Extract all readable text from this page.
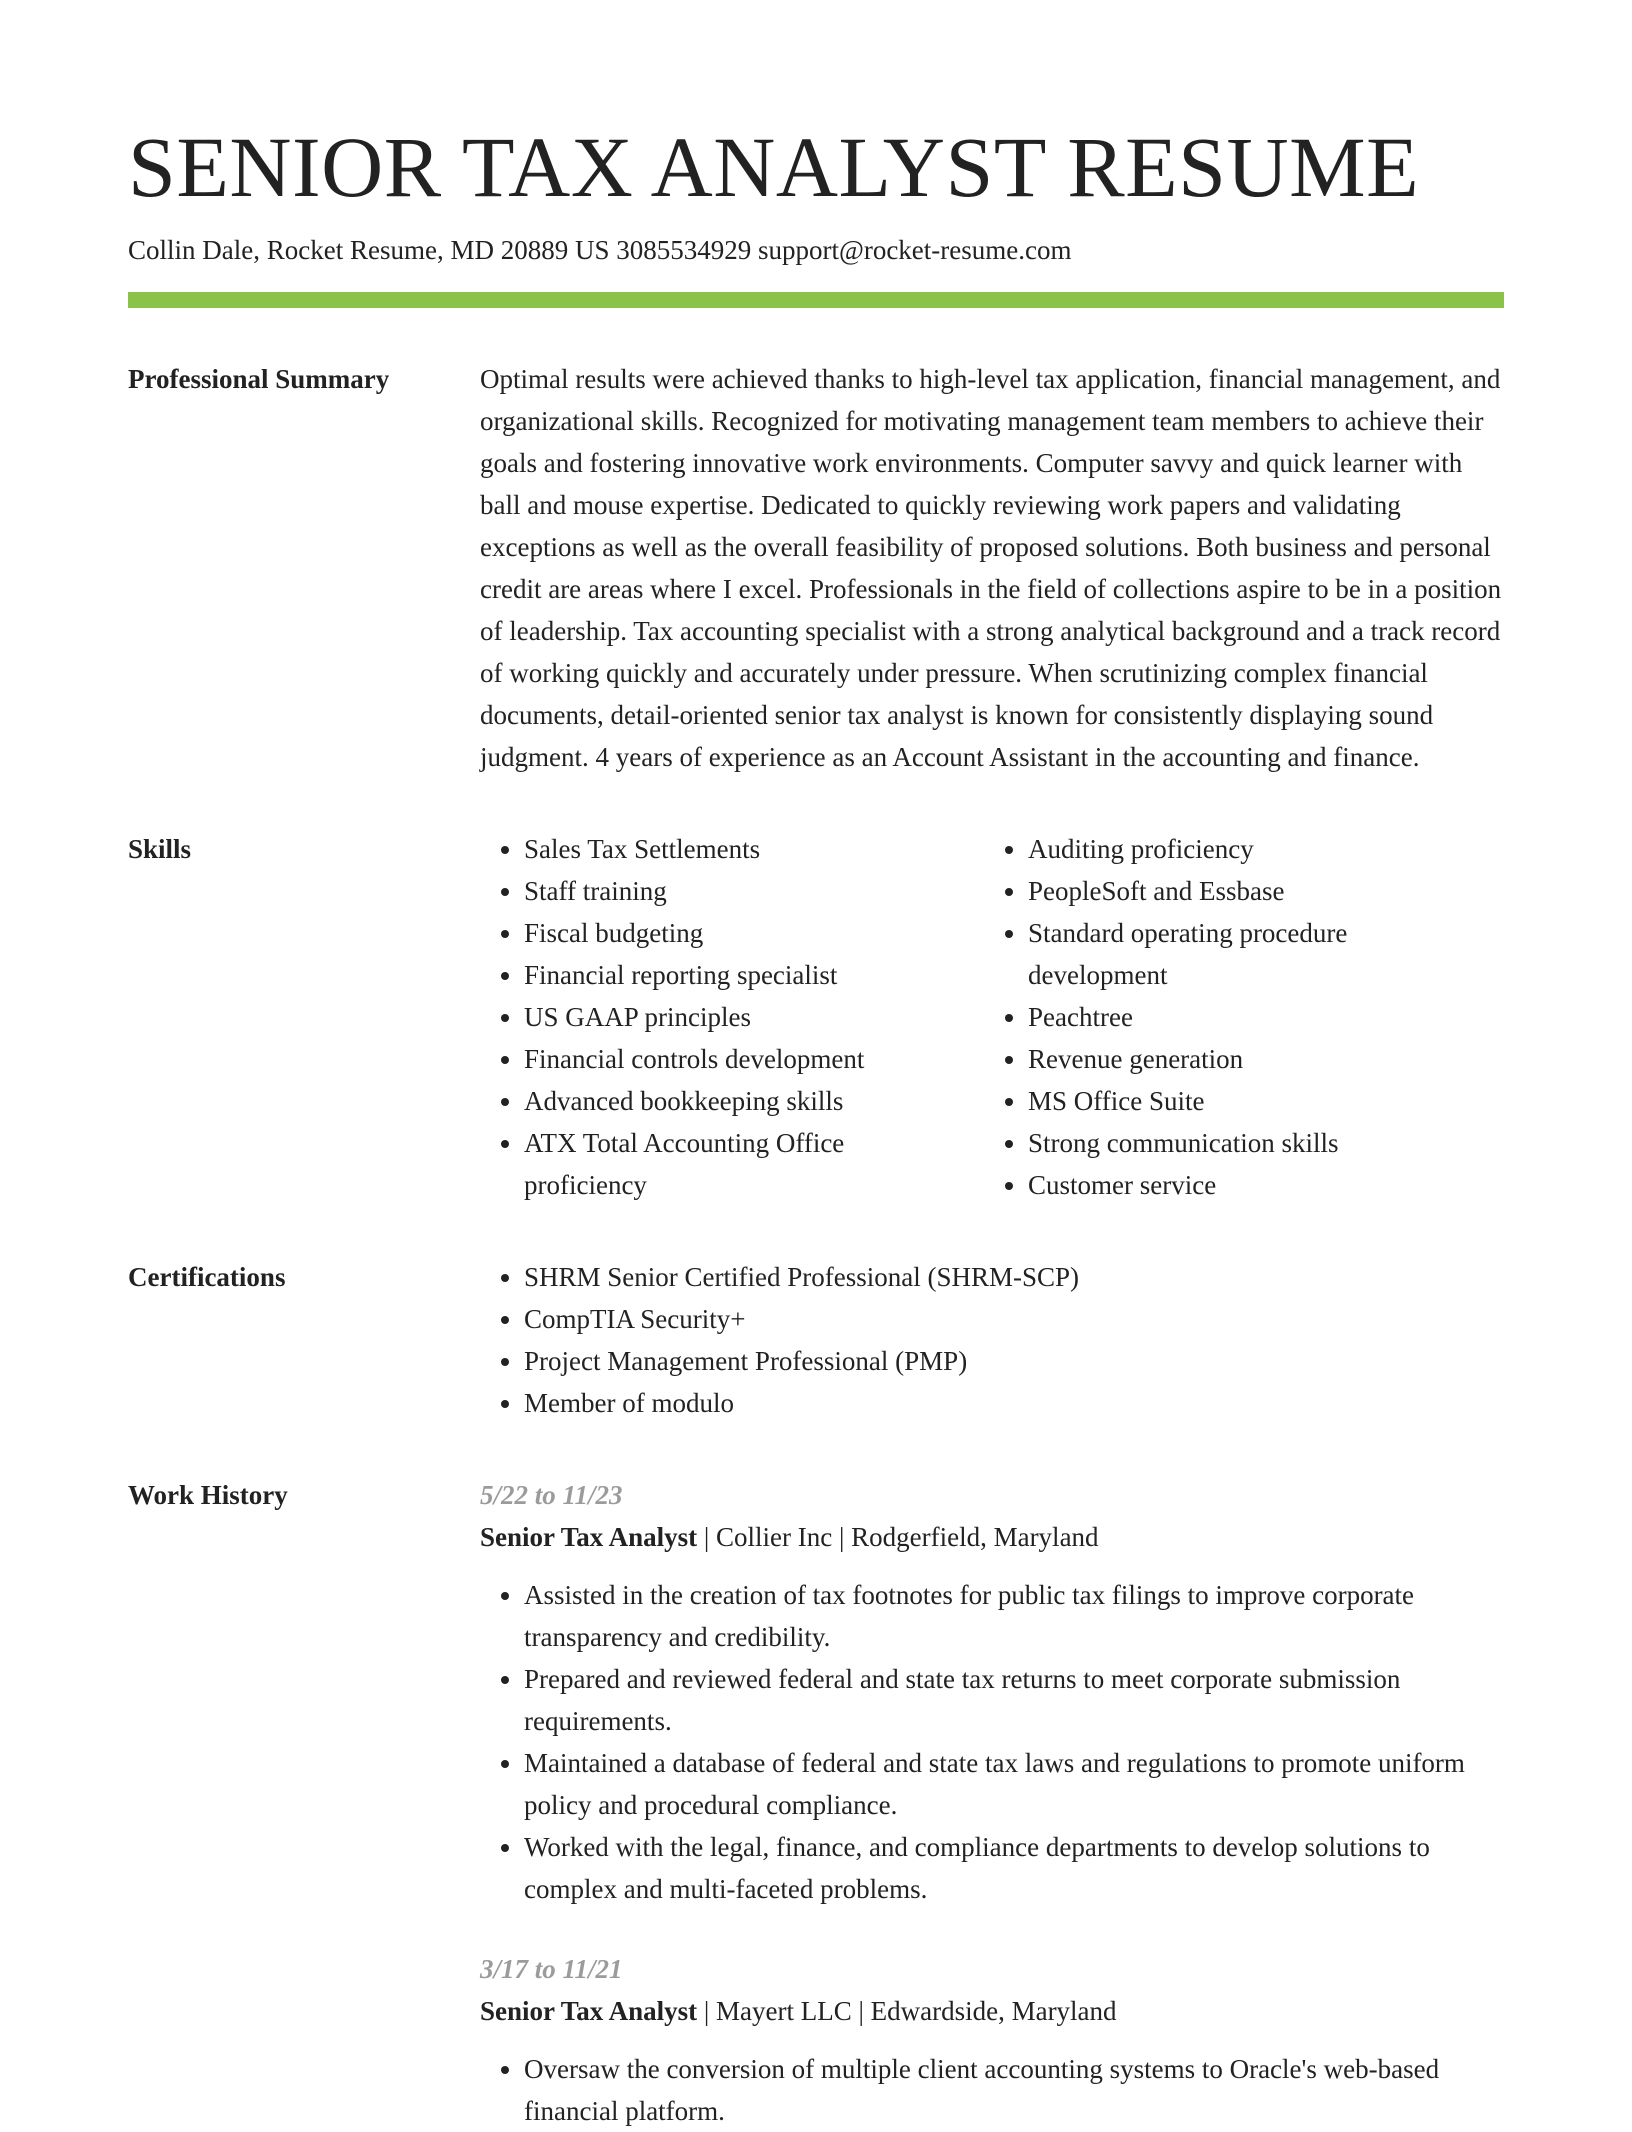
SENIOR TAX ANALYST RESUME
Collin Dale, Rocket Resume, MD 20889 US 3085534929 support@rocket-resume.com
Professional Summary	Optimal results were achieved thanks to high-level tax application, financial management, and organizational skills. Recognized for motivating management team members to achieve their goals and fostering innovative work environments. Computer savvy and quick learner with ball and mouse expertise. Dedicated to quickly reviewing work papers and validating exceptions as well as the overall feasibility of proposed solutions. Both business and personal credit are areas where I excel. Professionals in the field of collections aspire to be in a position of leadership. Tax accounting specialist with a strong analytical background and a track record of working quickly and accurately under pressure. When scrutinizing complex financial documents, detail-oriented senior tax analyst is known for consistently displaying sound judgment. 4 years of experience as an Account Assistant in the accounting and finance.

Skills	• Sales Tax Settlements
• Staff training
• Fiscal budgeting
• Financial reporting specialist
• US GAAP principles
• Financial controls development
• Advanced bookkeeping skills
• ATX Total Accounting Office proficiency
• Auditing proficiency
• PeopleSoft and Essbase
• Standard operating procedure development
• Peachtree
• Revenue generation
• MS Office Suite
• Strong communication skills
• Customer service
Certifications	• SHRM Senior Certified Professional (SHRM-SCP)
• CompTIA Security+
• Project Management Professional (PMP)
• Member of modulo
Work History	5/22 to 11/23
Senior Tax Analyst | Collier Inc | Rodgerfield, Maryland
• Assisted in the creation of tax footnotes for public tax filings to improve corporate transparency and credibility.
• Prepared and reviewed federal and state tax returns to meet corporate submission requirements.
• Maintained a database of federal and state tax laws and regulations to promote uniform policy and procedural compliance.
• Worked with the legal, finance, and compliance departments to develop solutions to complex and multi-faceted problems.
3/17 to 11/21
Senior Tax Analyst | Mayert LLC | Edwardside, Maryland
• Oversaw the conversion of multiple client accounting systems to Oracle's web-based financial platform.
